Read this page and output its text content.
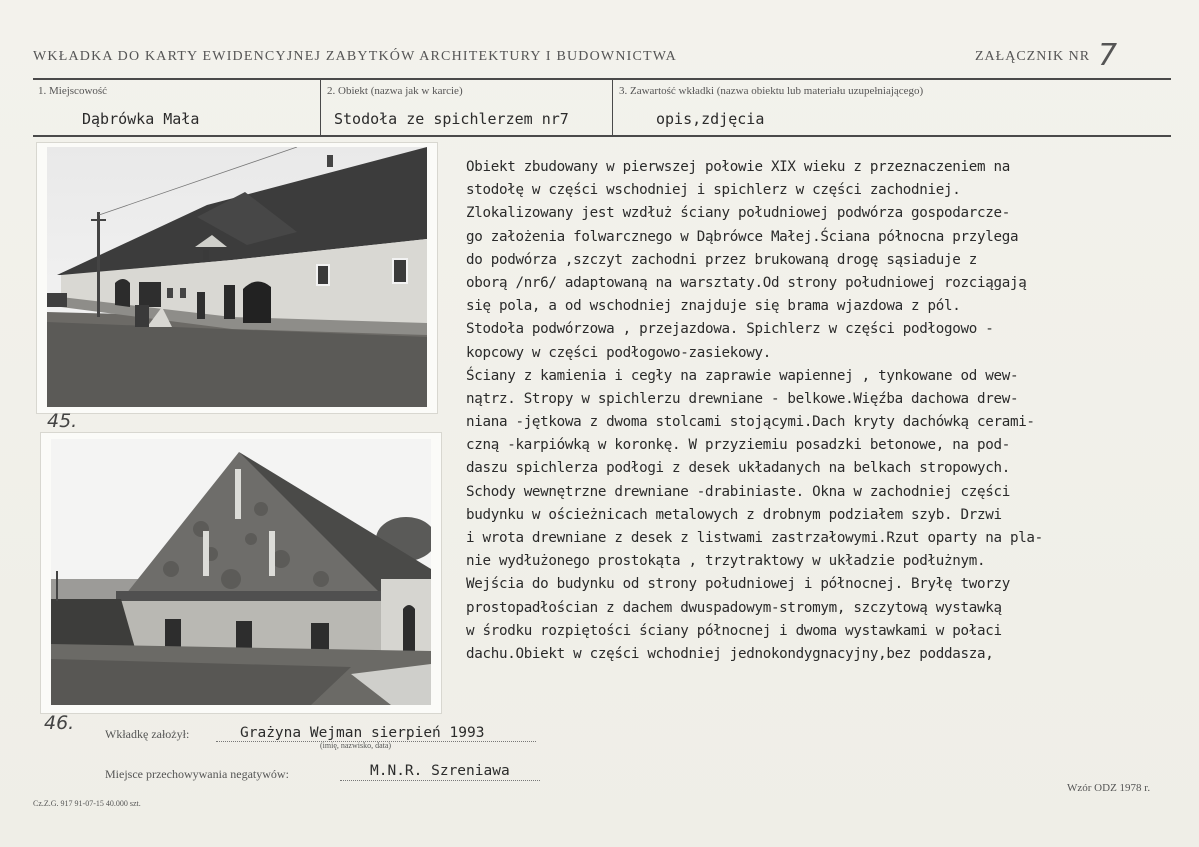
WKŁADKA DO KARTY EWIDENCYJNEJ ZABYTKÓW ARCHITEKTURY I BUDOWNICTWA	ZAŁĄCZNIK NR 7
1. Miejscowość	2. Obiekt (nazwa jak w karcie)	3. Zawartość wkładki (nazwa obiektu lub materiału uzupełniającego)
Dąbrówka Mała	Stodoła ze spichlerzem nr7	opis,zdjęcia
45.
46.
Obiekt zbudowany w pierwszej połowie XIX wieku z przeznaczeniem na
stodołę w części wschodniej i spichlerz w części zachodniej.
Zlokalizowany jest wzdłuż ściany południowej podwórza gospodarcze-
go założenia folwarcznego w Dąbrówce Małej.Ściana północna przylega
do podwórza ,szczyt zachodni przez brukowaną drogę sąsiaduje z
oborą /nr6/ adaptowaną na warsztaty.Od strony południowej rozciągają
się pola, a od wschodniej znajduje się brama wjazdowa z pól.
Stodoła podwórzowa , przejazdowa. Spichlerz w części podłogowo -
kopcowy w części podłogowo-zasiekowy.
Ściany z kamienia i cegły na zaprawie wapiennej , tynkowane od wew-
nątrz. Stropy w spichlerzu drewniane - belkowe.Więźba dachowa drew-
niana -jętkowa z dwoma stolcami stojącymi.Dach kryty dachówką cerami-
czną -karpiówką w koronkę. W przyziemiu posadzki betonowe, na pod-
daszu spichlerza podłogi z desek układanych na belkach stropowych.
Schody wewnętrzne drewniane -drabiniaste. Okna w zachodniej części
budynku w ościeżnicach metalowych z drobnym podziałem szyb. Drzwi
i wrota drewniane z desek z listwami zastrzałowymi.Rzut oparty na pla-
nie wydłużonego prostokąta , trzytraktowy w układzie podłużnym.
Wejścia do budynku od strony południowej i północnej. Bryłę tworzy
prostopadłościan z dachem dwuspadowym-stromym, szczytową wystawką
w środku rozpiętości ściany północnej i dwoma wystawkami w połaci
dachu.Obiekt w części wchodniej jednokondygnacyjny,bez poddasza,
Wkładkę założył:	Grażyna Wejman sierpień 1993
(imię, nazwisko, data)
Miejsce przechowywania negatywów:	M.N.R. Szreniawa
Cz.Z.G. 917 91-07-15 40.000 szt.
Wzór ODZ 1978 r.
